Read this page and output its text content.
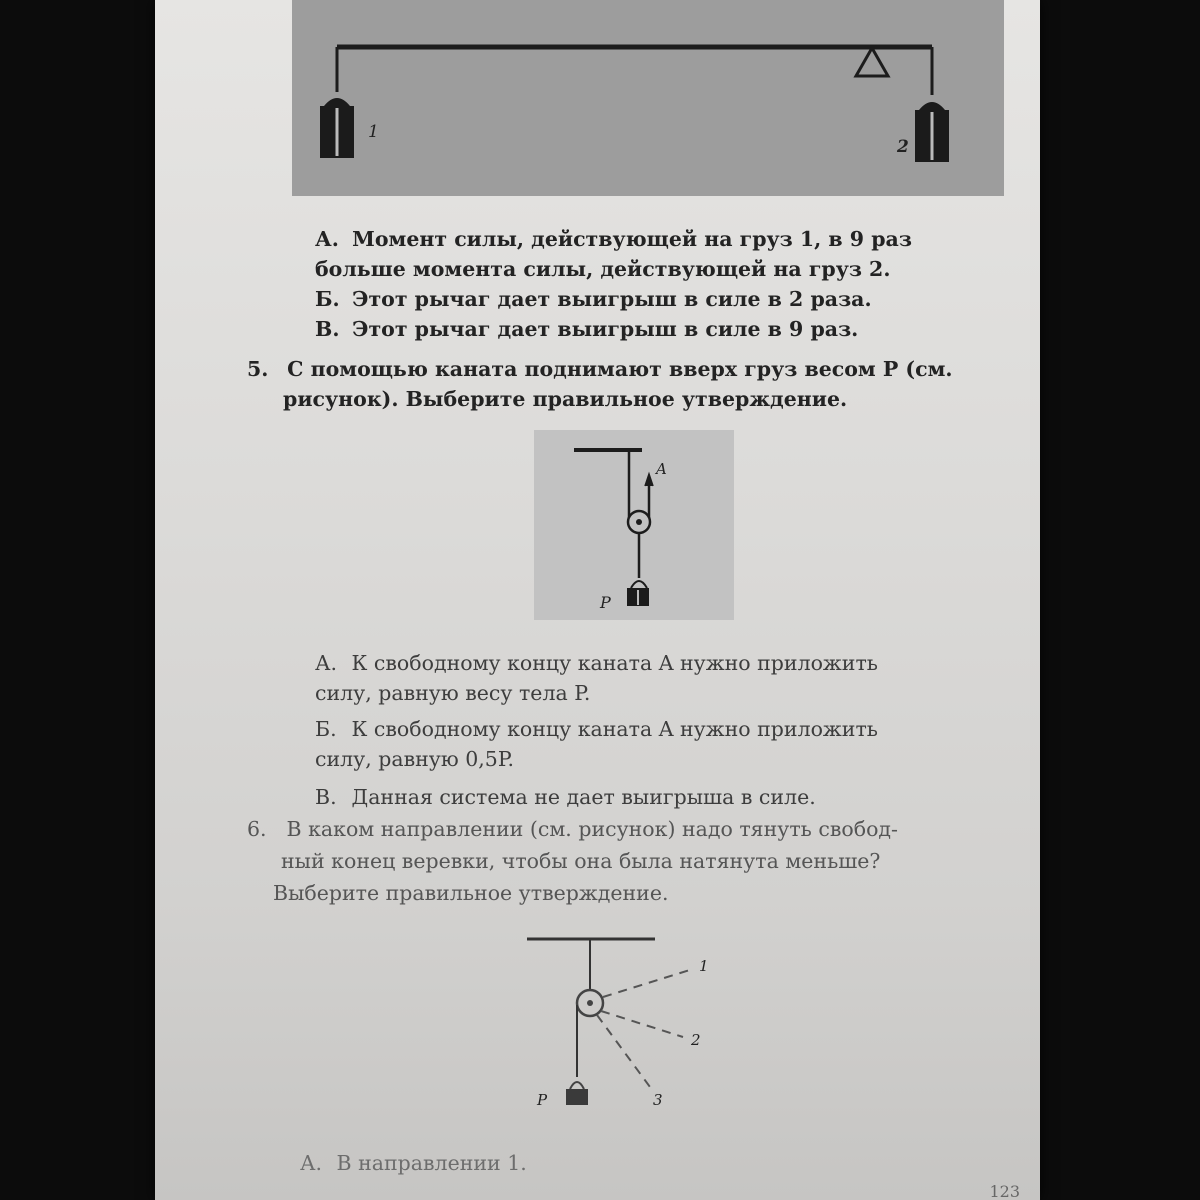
1
2

А. Момент силы, действующей на груз 1, в 9 раз

больше момента силы, действующей на груз 2.

Б. Этот рычаг дает выигрыш в силе в 2 раза.

В. Этот рычаг дает выигрыш в силе в 9 раз.

5. С помощью каната поднимают вверх груз весом P (см.

рисунок). Выберите правильное утверждение.

A
P

А. К свободному концу каната A нужно приложить

силу, равную весу тела P.

Б. К свободному концу каната A нужно приложить

силу, равную 0,5P.

В. Данная система не дает выигрыша в силе.

6. В каком направлении (см. рисунок) надо тянуть свобод-

ный конец веревки, чтобы она была натянута меньше?

Выберите правильное утверждение.

P
1
2
3

А. В направлении 1.

123
